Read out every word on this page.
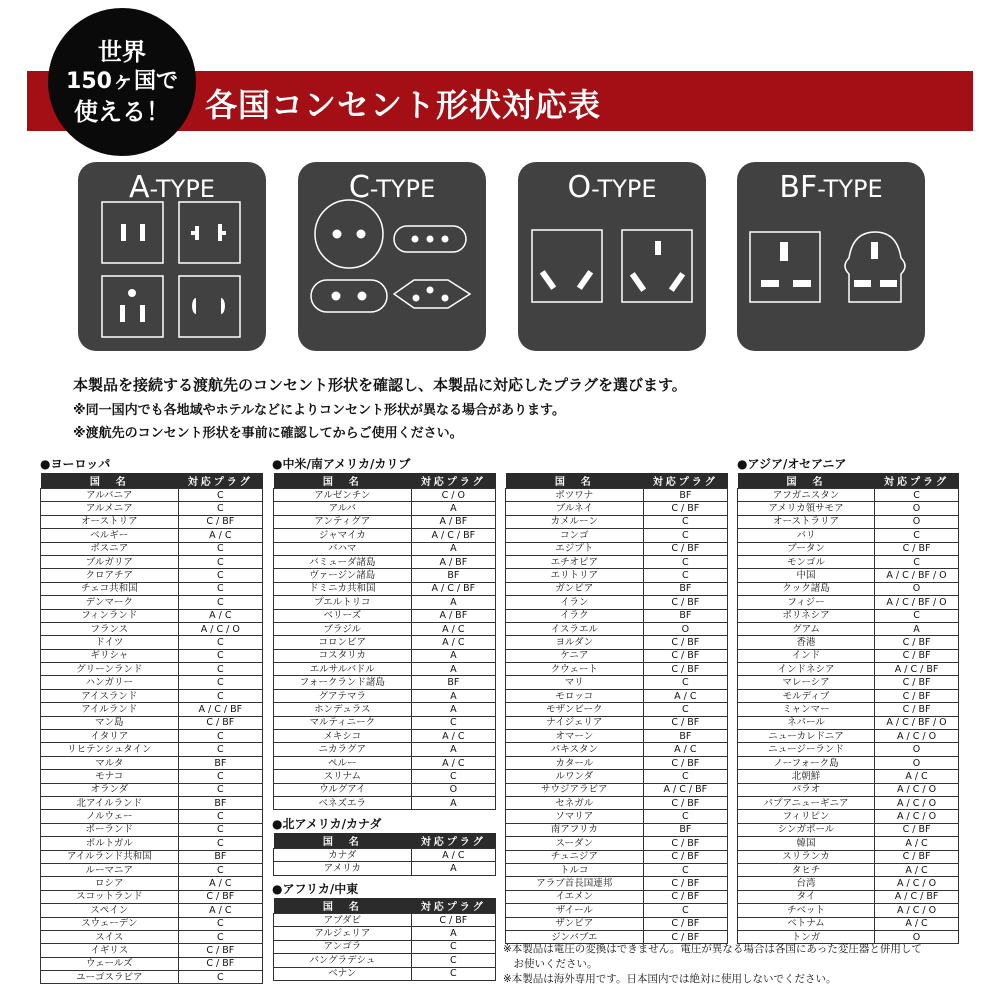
各国コンセント形状対応表
世界
150ヶ国で
使える！
A-TYPE	C-TYPE	O-TYPE	BF-TYPE
本製品を接続する渡航先のコンセント形状を確認し、本製品に対応したプラグを選びます。
※同一国内でも各地域やホテルなどによりコンセント形状が異なる場合があります。
※渡航先のコンセント形状を事前に確認してからご使用ください。
●ヨーロッパ	●中米/南アメリカ/カリブ
●北アメリカ/カナダ
●アフリカ/中東
●アジア/オセアニア
国　名	対応プラグ
アルバニア	C
アルメニア	C
オーストリア	C / BF
ベルギー	A / C
ボスニア	C
ブルガリア	C
クロアチア	C
チェコ共和国	C
デンマーク	C
フィンランド	A / C
フランス	A / C / O
ドイツ	C
ギリシャ	C
グリーンランド	C
ハンガリー	C
アイスランド	C
アイルランド	A / C / BF
マン島	C / BF
イタリア	C
リヒテンシュタイン	C
マルタ	BF
モナコ	C
オランダ	C
北アイルランド	BF
ノルウェー	C
ポーランド	C
ポルトガル	C
アイルランド共和国	BF
ルーマニア	C
ロシア	A / C
スコットランド	C / BF
スペイン	A / C
スウェーデン	C
スイス	C
イギリス	C / BF
ウェールズ	C / BF
ユーゴスラビア	C
国　名	対応プラグ
アルゼンチン	C / O
アルバ	A
アンティグア	A / BF
ジャマイカ	A / C / BF
バハマ	A
バミューダ諸島	A / BF
ヴァージン諸島	BF
ドミニカ共和国	A / C / BF
プエルトリコ	A
ベリーズ	A / BF
ブラジル	A / C
コロンビア	A / C
コスタリカ	A
エルサルバドル	A
フォークランド諸島	BF
グアテマラ	A
ホンデュラス	A
マルティニーク	C
メキシコ	A / C
ニカラグア	A
ペルー	A / C
スリナム	C
ウルグアイ	O
ベネズエラ	A
国　名	対応プラグ
カナダ	A / C
アメリカ	A
国　名	対応プラグ
アブダビ	C / BF
アルジェリア	A
アンゴラ	C
バングラデシュ	C
ベナン	C
国　名	対応プラグ
ボツワナ	BF
ブルネイ	C / BF
カメルーン	C
コンゴ	C
エジプト	C / BF
エチオピア	C
エリトリア	C
ガンビア	BF
イラン	C / BF
イラク	BF
イスラエル	O
ヨルダン	C / BF
ケニア	C / BF
クウェート	C / BF
マリ	C
モロッコ	A / C
モザンビーク	C
ナイジェリア	C / BF
オマーン	BF
パキスタン	A / C
カタール	C / BF
ルワンダ	C
サウジアラビア	A / C / BF
セネガル	C / BF
ソマリア	C
南アフリカ	BF
スーダン	C / BF
チュニジア	C / BF
トルコ	C
アラブ首長国連邦	C / BF
イエメン	C / BF
ザイール	C
ザンビア	C / BF
ジンバブエ	C / BF
国　名	対応プラグ
アフガニスタン	C
アメリカ領サモア	O
オーストラリア	O
バリ	C
ブータン	C / BF
モンゴル	C
中国	A / C / BF / O
クック諸島	O
フィジー	A / C / BF / O
ポリネシア	C
グアム	A
香港	C / BF
インド	C / BF
インドネシア	A / C / BF
マレーシア	C / BF
モルディブ	C / BF
ミャンマー	C / BF
ネパール	A / C / BF / O
ニューカレドニア	A / C / O
ニュージーランド	O
ノーフォーク島	O
北朝鮮	A / C
パラオ	A / C / O
パプアニューギニア	A / C / O
フィリピン	A / C / O
シンガポール	C / BF
韓国	A / C
スリランカ	C / BF
タヒチ	A / C
台湾	A / C / O
タイ	A / C / BF
チベット	A / C / O
ベトナム	A / C
トンガ	O
※本製品は電圧の変換はできません。電圧が異なる場合は各国にあった変圧器と併用して
　お使いください。
※本製品は海外専用です。日本国内では絶対に使用しないでください。
